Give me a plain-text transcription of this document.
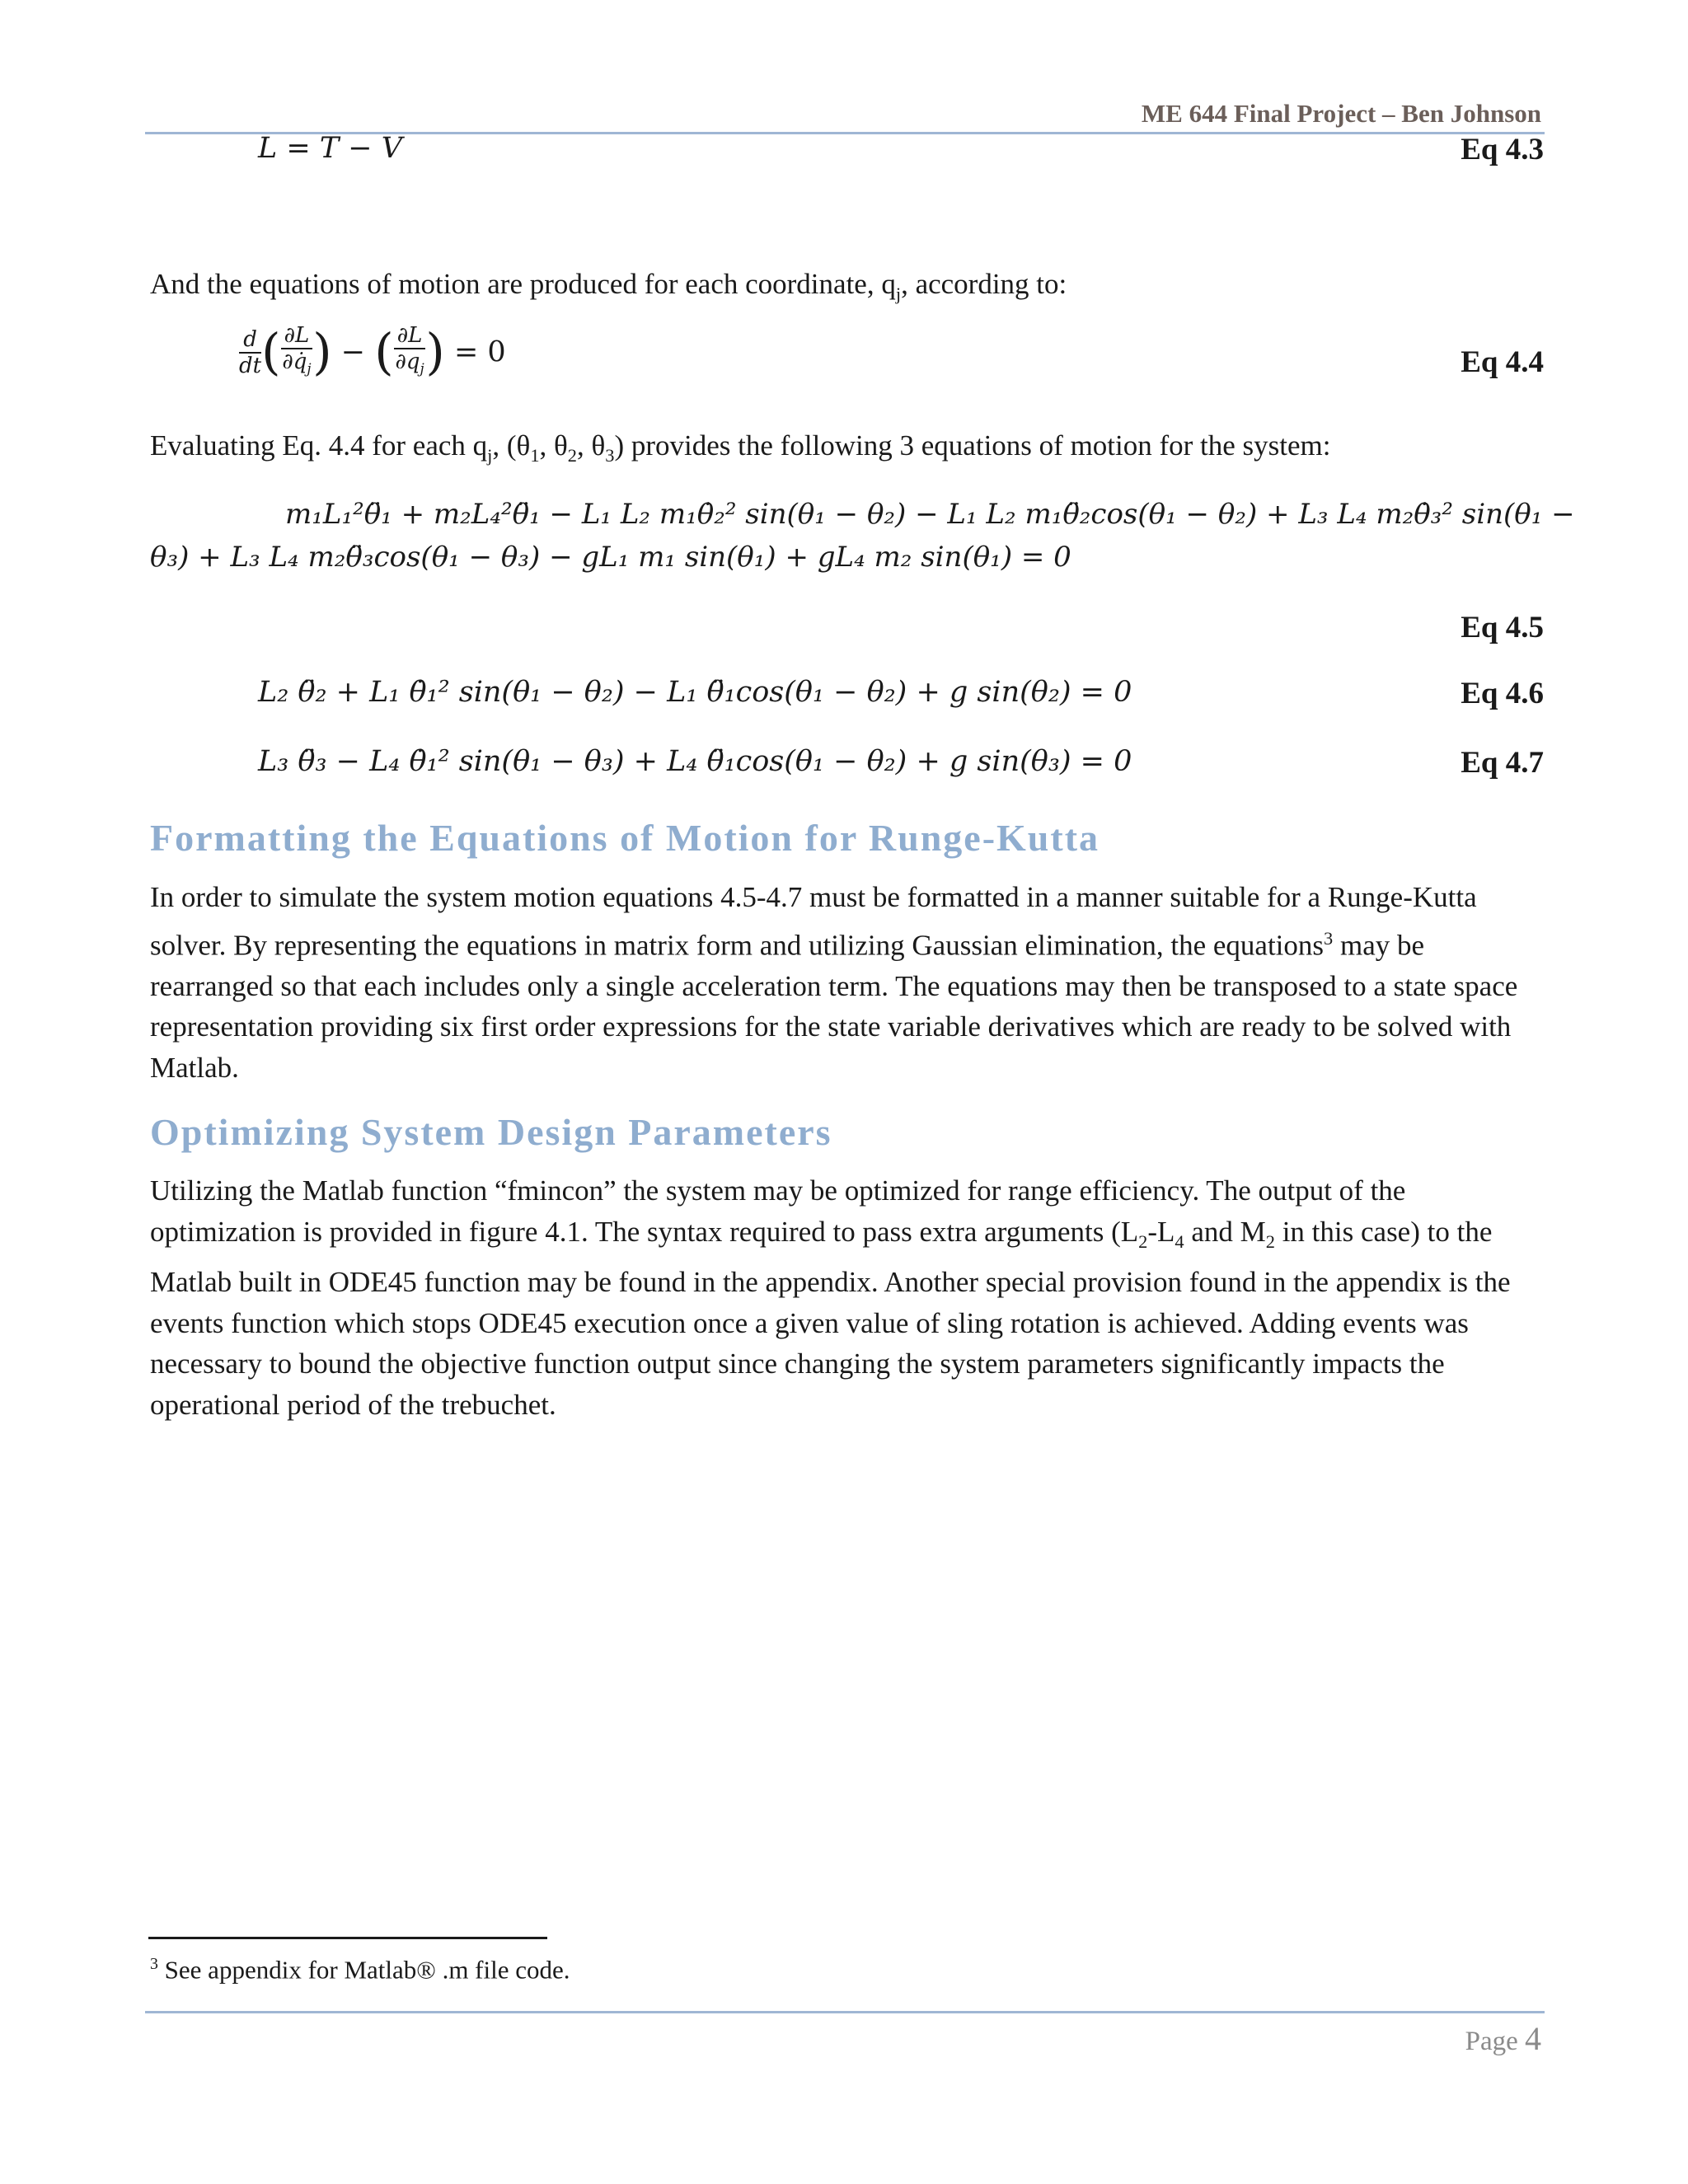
ME 644 Final Project – Ben Johnson
L = T − V	Eq 4.3

And the equations of motion are produced for each coordinate, $q_j$, according to:

$\frac{d}{dt}$ ( $\frac{\partial L}{\partial q̇_j}$ ) − ( $\frac{\partial L}{\partial q_j}$ ) = 0	Eq 4.4

Evaluating Eq. 4.4 for each $q_j$, ($\theta_1$, $\theta_2$, $\theta_3$) provides the following 3 equations of motion for the system:

m₁L₁²θ̈₁ + m₂L₄²θ̈₁ − L₁ L₂ m₁θ̇₂² sin(θ₁ − θ₂) − L₁ L₂ m₁θ̈₂cos(θ₁ − θ₂) + L₃ L₄ m₂θ̇₃² sin(θ₁ −
θ₃) + L₃ L₄ m₂θ̈₃cos(θ₁ − θ₃) − gL₁ m₁ sin(θ₁) + gL₄ m₂ sin(θ₁) = 0
Eq 4.5
L₂ θ̈₂ + L₁ θ̇₁² sin(θ₁ − θ₂) − L₁ θ̈₁cos(θ₁ − θ₂) + g sin(θ₂) = 0	Eq 4.6
L₃ θ̈₃ − L₄ θ̇₁² sin(θ₁ − θ₃) + L₄ θ̈₁cos(θ₁ − θ₂) + g sin(θ₃) = 0	Eq 4.7
Formatting the Equations of Motion for Runge-Kutta

In order to simulate the system motion equations 4.5-4.7 must be formatted in a manner suitable for a Runge-Kutta solver. By representing the equations in matrix form and utilizing Gaussian elimination, the equations$^3$ may be rearranged so that each includes only a single acceleration term. The equations may then be transposed to a state space representation providing six first order expressions for the state variable derivatives which are ready to be solved with Matlab.

Optimizing System Design Parameters

Utilizing the Matlab function “fmincon” the system may be optimized for range efficiency. The output of the optimization is provided in figure 4.1. The syntax required to pass extra arguments ($L_2-L_4$ and $M_2$ in this case) to the Matlab built in ODE45 function may be found in the appendix. Another special provision found in the appendix is the events function which stops ODE45 execution once a given value of sling rotation is achieved. Adding events was necessary to bound the objective function output since changing the system parameters significantly impacts the operational period of the trebuchet.

$^3$ See appendix for Matlab® .m file code.
Page 4
